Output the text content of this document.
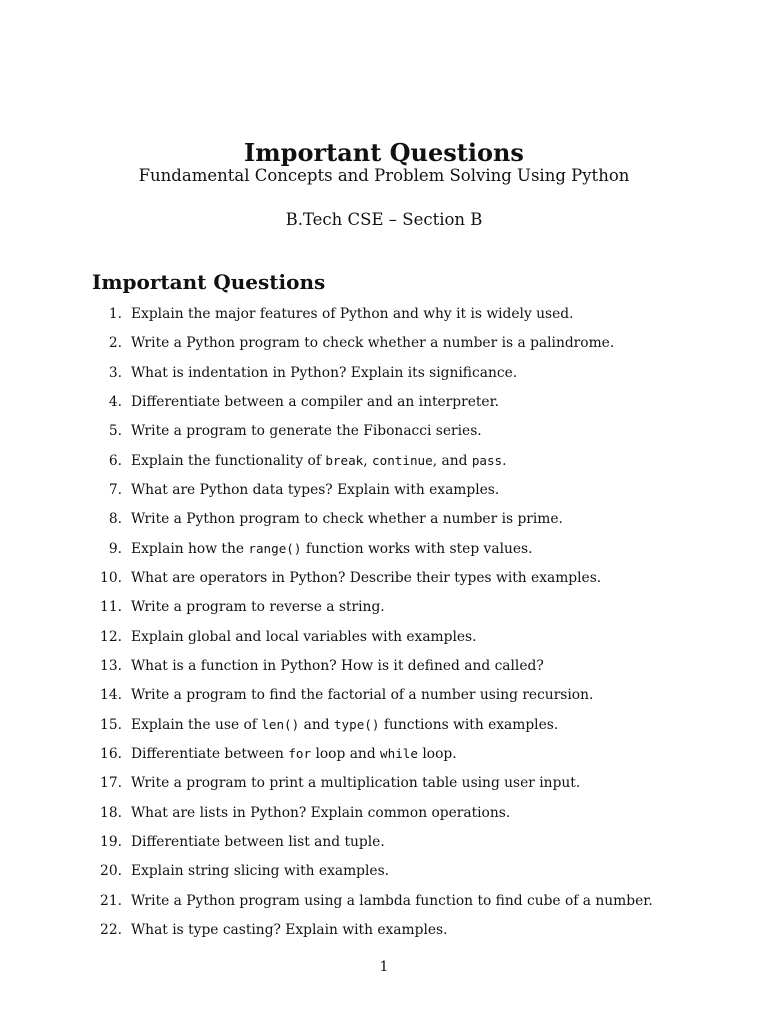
Important Questions
Fundamental Concepts and Problem Solving Using Python
B.Tech CSE – Section B
Important Questions
1. Explain the major features of Python and why it is widely used.
2. Write a Python program to check whether a number is a palindrome.
3. What is indentation in Python? Explain its significance.
4. Differentiate between a compiler and an interpreter.
5. Write a program to generate the Fibonacci series.
6. Explain the functionality of break, continue, and pass.
7. What are Python data types? Explain with examples.
8. Write a Python program to check whether a number is prime.
9. Explain how the range() function works with step values.
10. What are operators in Python? Describe their types with examples.
11. Write a program to reverse a string.
12. Explain global and local variables with examples.
13. What is a function in Python? How is it defined and called?
14. Write a program to find the factorial of a number using recursion.
15. Explain the use of len() and type() functions with examples.
16. Differentiate between for loop and while loop.
17. Write a program to print a multiplication table using user input.
18. What are lists in Python? Explain common operations.
19. Differentiate between list and tuple.
20. Explain string slicing with examples.
21. Write a Python program using a lambda function to find cube of a number.
22. What is type casting? Explain with examples.
1
